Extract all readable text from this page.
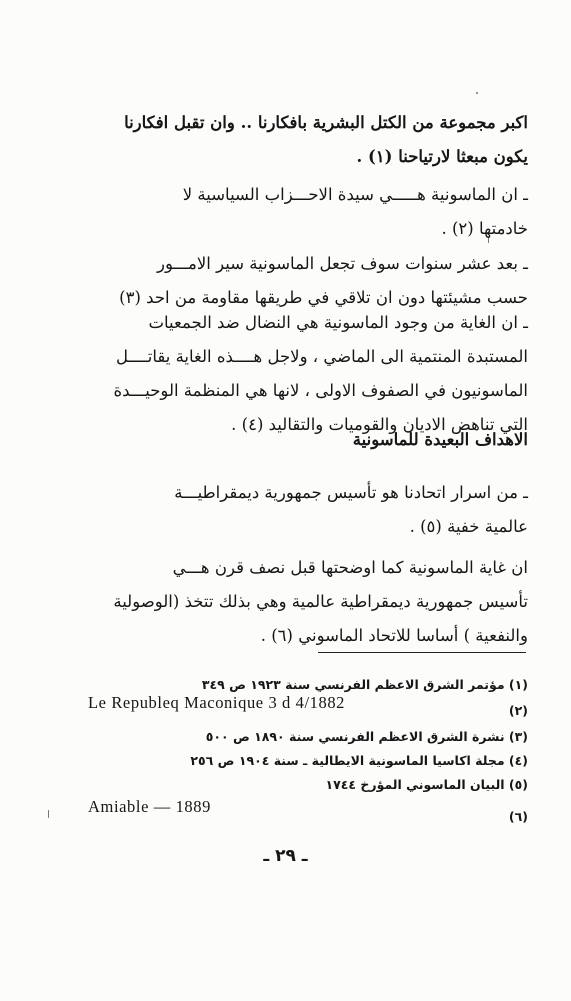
اكبر مجموعة من الكتل البشرية بافكارنا ‎..‎ وان تقبل افكارنا
يكون مبعثا لارتياحنا (١) .
ـ ان الماسونية هـــــي سيدة الاحـــزاب السياسية لا
خادمتها (٢) .
ـ بعد عشر سنوات سوف تجعل الماسونية سير الامـــور
حسب مشيئتها دون ان تلاقي في طريقها مقاومة من احد (٣)
ـ ان الغاية من وجود الماسونية هي النضال ضد الجمعيات
المستبدة المنتمية الى الماضي ، ولاجل هــــذه الغاية يقاتــــل
الماسونيون في الصفوف الاولى ، لانها هي المنظمة الوحيـــدة
التي تناهض الاديان والقوميات والتقاليد (٤) .
الاهداف البعيدة للماسونية
ـ من اسرار اتحادنا هو تأسيس جمهورية ديمقراطيـــة
عالمية خفية (٥) .
ان غاية الماسونية كما اوضحتها قبل نصف قرن هـــي
تأسيس جمهورية ديمقراطية عالمية وهي بذلك تتخذ (الوصولية
والنفعية ) أساسا للاتحاد الماسوني (٦) .
(١) مؤتمر الشرق الاعظم الفرنسي سنة ١٩٢٣ ص ٣٤٩
(٢)
Le Republeq Maconique 3 d 4/1882
(٣) نشرة الشرق الاعظم الفرنسي سنة ١٨٩٠ ص ٥٠٠
(٤) مجلة اكاسيا الماسونية الايطالية ـ سنة ١٩٠٤ ص ٢٥٦
(٥) البيان الماسوني المؤرخ ١٧٤٤
(٦)
Amiable — 1889
ـ ٢٩ ـ
